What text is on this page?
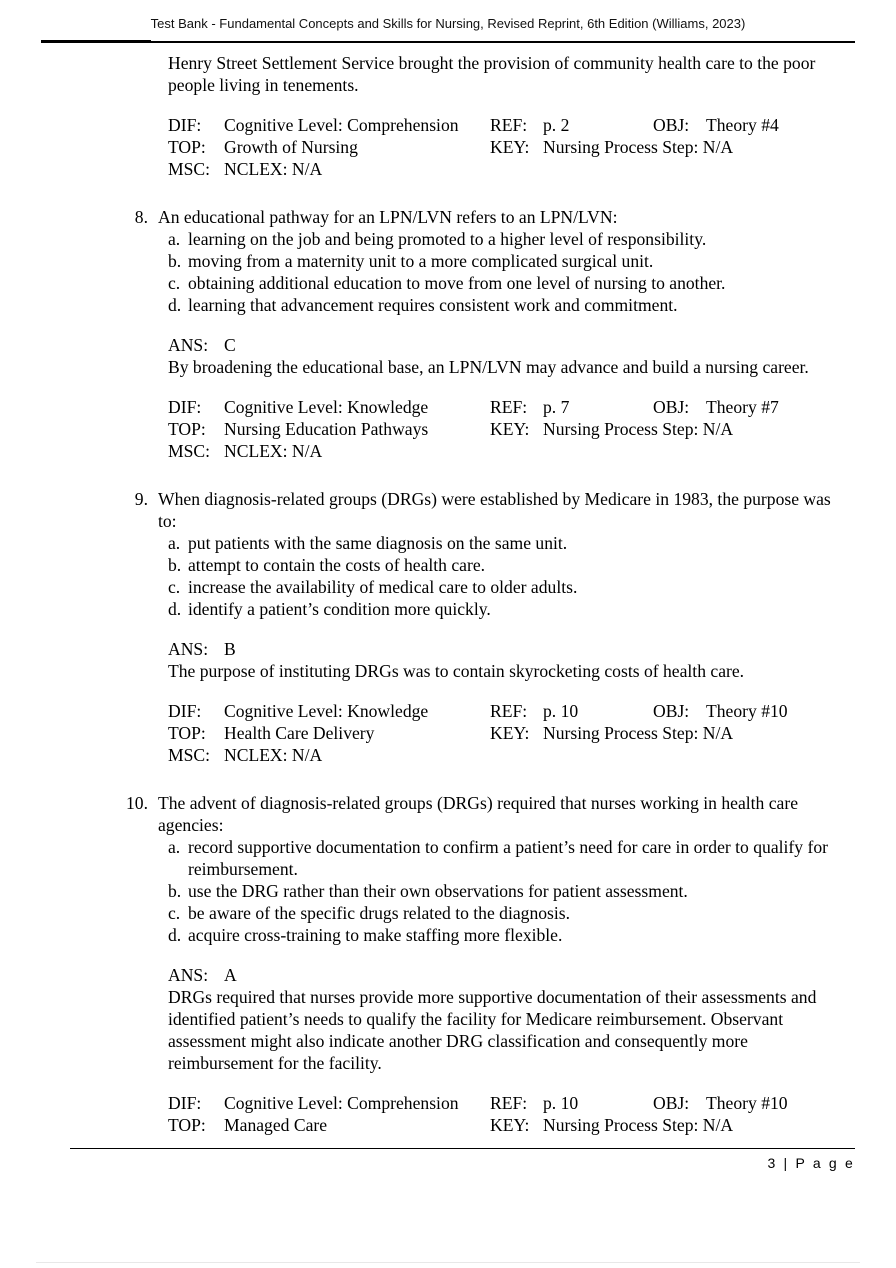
Test Bank - Fundamental Concepts and Skills for Nursing, Revised Reprint, 6th Edition (Williams, 2023)
Henry Street Settlement Service brought the provision of community health care to the poor people living in tenements.
DIF:	Cognitive Level: Comprehension	REF:	p. 2	OBJ:	Theory #4
TOP:	Growth of Nursing	KEY:	Nursing Process Step: N/A		
MSC:	NCLEX: N/A				
8. An educational pathway for an LPN/LVN refers to an LPN/LVN:
a. learning on the job and being promoted to a higher level of responsibility.
b. moving from a maternity unit to a more complicated surgical unit.
c. obtaining additional education to move from one level of nursing to another.
d. learning that advancement requires consistent work and commitment.
ANS: C
By broadening the educational base, an LPN/LVN may advance and build a nursing career.
DIF:	Cognitive Level: Knowledge	REF:	p. 7	OBJ:	Theory #7
TOP:	Nursing Education Pathways	KEY:	Nursing Process Step: N/A		
MSC:	NCLEX: N/A				
9. When diagnosis-related groups (DRGs) were established by Medicare in 1983, the purpose was to:
a. put patients with the same diagnosis on the same unit.
b. attempt to contain the costs of health care.
c. increase the availability of medical care to older adults.
d. identify a patient’s condition more quickly.
ANS: B
The purpose of instituting DRGs was to contain skyrocketing costs of health care.
DIF:	Cognitive Level: Knowledge	REF:	p. 10	OBJ:	Theory #10
TOP:	Health Care Delivery	KEY:	Nursing Process Step: N/A		
MSC:	NCLEX: N/A				
10. The advent of diagnosis-related groups (DRGs) required that nurses working in health care agencies:
a. record supportive documentation to confirm a patient’s need for care in order to qualify for reimbursement.
b. use the DRG rather than their own observations for patient assessment.
c. be aware of the specific drugs related to the diagnosis.
d. acquire cross-training to make staffing more flexible.
ANS: A
DRGs required that nurses provide more supportive documentation of their assessments and identified patient’s needs to qualify the facility for Medicare reimbursement. Observant assessment might also indicate another DRG classification and consequently more reimbursement for the facility.
DIF:	Cognitive Level: Comprehension	REF:	p. 10	OBJ:	Theory #10
TOP:	Managed Care	KEY:	Nursing Process Step: N/A		
3 | P a g e
